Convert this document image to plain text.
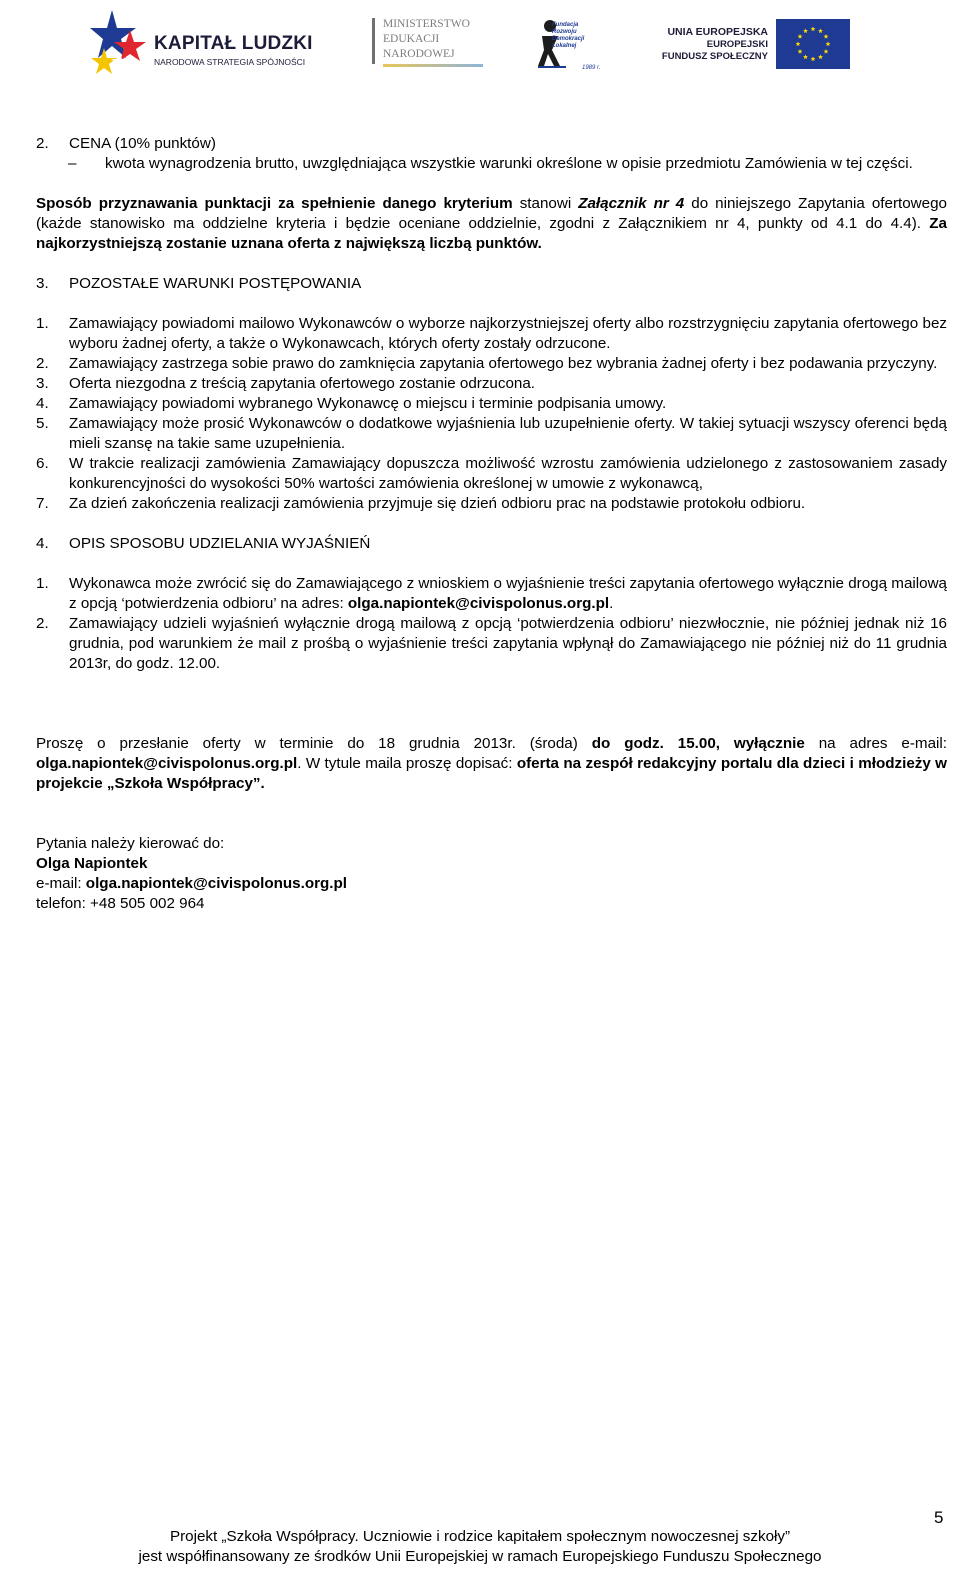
KAPITAŁ LUDZKI
NARODOWA STRATEGIA SPÓJNOŚCI
MINISTERSTWO
EDUKACJI
NARODOWEJ
Fundacja Rozwoju Demokracji Lokalnej
1989 r.
UNIA EUROPEJSKA
EUROPEJSKI
FUNDUSZ SPOŁECZNY
2. CENA (10% punktów)
– kwota wynagrodzenia brutto, uwzględniająca wszystkie warunki określone w opisie przedmiotu Zamówienia w tej części.
Sposób przyznawania punktacji za spełnienie danego kryterium stanowi Załącznik nr 4 do niniejszego Zapytania ofertowego (każde stanowisko ma oddzielne kryteria i będzie oceniane oddzielnie, zgodni z Załącznikiem nr 4, punkty od 4.1 do 4.4). Za najkorzystniejszą zostanie uznana oferta z największą liczbą punktów.
3. POZOSTAŁE WARUNKI POSTĘPOWANIA
1. Zamawiający powiadomi mailowo Wykonawców o wyborze najkorzystniejszej oferty albo rozstrzygnięciu zapytania ofertowego bez wyboru żadnej oferty, a także o Wykonawcach, których oferty zostały odrzucone.
2. Zamawiający zastrzega sobie prawo do zamknięcia zapytania ofertowego bez wybrania żadnej oferty i bez podawania przyczyny.
3. Oferta niezgodna z treścią zapytania ofertowego zostanie odrzucona.
4. Zamawiający powiadomi wybranego Wykonawcę o miejscu i terminie podpisania umowy.
5. Zamawiający może prosić Wykonawców o dodatkowe wyjaśnienia lub uzupełnienie oferty. W takiej sytuacji wszyscy oferenci będą mieli szansę na takie same uzupełnienia.
6. W trakcie realizacji zamówienia Zamawiający dopuszcza możliwość wzrostu zamówienia udzielonego z zastosowaniem zasady konkurencyjności do wysokości 50% wartości zamówienia określonej w umowie z wykonawcą,
7. Za dzień zakończenia realizacji zamówienia przyjmuje się dzień odbioru prac na podstawie protokołu odbioru.
4. OPIS SPOSOBU UDZIELANIA WYJAŚNIEŃ
1. Wykonawca może zwrócić się do Zamawiającego z wnioskiem o wyjaśnienie treści zapytania ofertowego wyłącznie drogą mailową z opcją ‘potwierdzenia odbioru’ na adres: olga.napiontek@civispolonus.org.pl.
2. Zamawiający udzieli wyjaśnień wyłącznie drogą mailową z opcją ‘potwierdzenia odbioru’ niezwłocznie, nie później jednak niż 16 grudnia, pod warunkiem że mail z prośbą o wyjaśnienie treści zapytania wpłynął do Zamawiającego nie później niż do 11 grudnia 2013r, do godz. 12.00.
Proszę o przesłanie oferty w terminie do 18 grudnia 2013r. (środa) do godz. 15.00, wyłącznie na adres e-mail: olga.napiontek@civispolonus.org.pl. W tytule maila proszę dopisać: oferta na zespół redakcyjny portalu dla dzieci i młodzieży w projekcie „Szkoła Współpracy”.
Pytania należy kierować do:
Olga Napiontek
e-mail: olga.napiontek@civispolonus.org.pl
telefon: +48 505 002 964
5
Projekt „Szkoła Współpracy. Uczniowie i rodzice kapitałem społecznym nowoczesnej szkoły”
jest współfinansowany ze środków Unii Europejskiej w ramach Europejskiego Funduszu Społecznego
